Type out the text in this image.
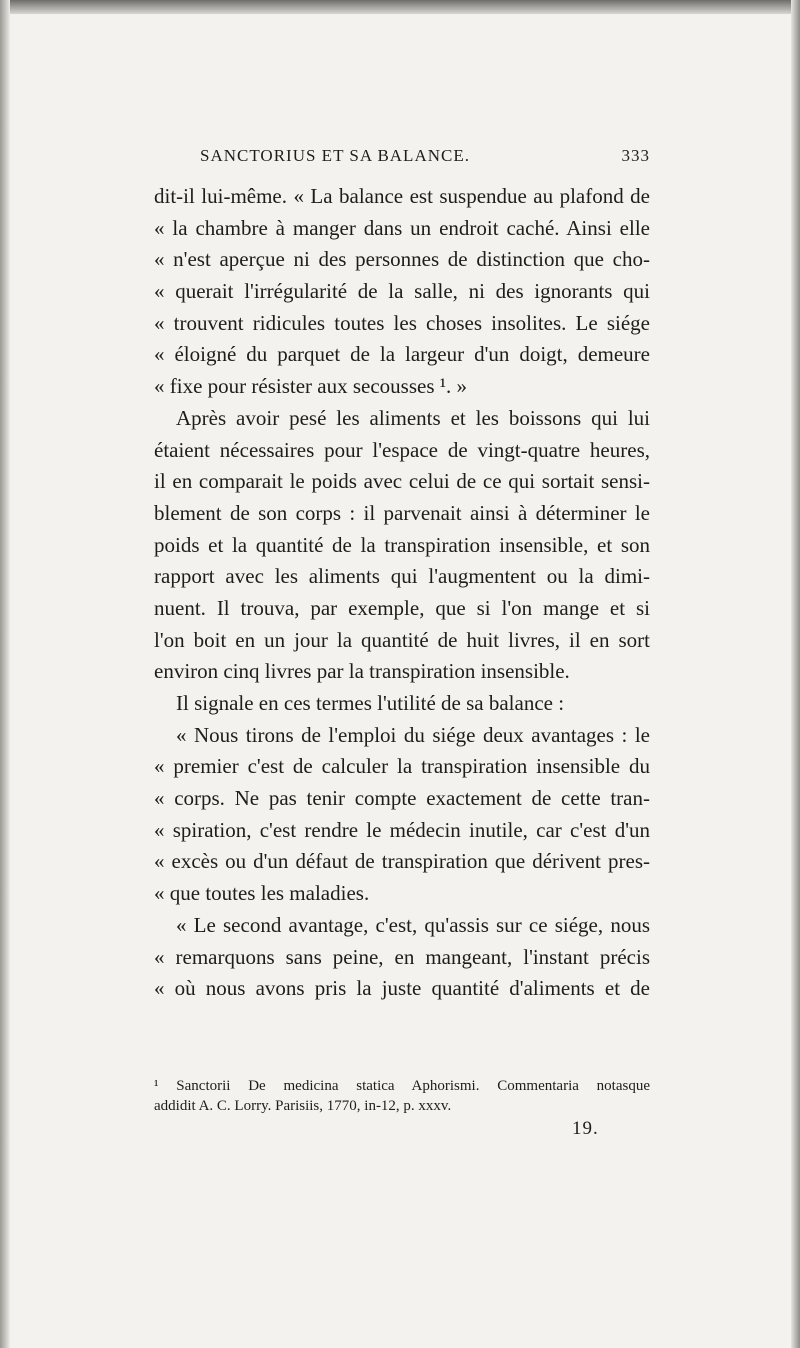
SANCTORIUS ET SA BALANCE.	333
dit-il lui-même. « La balance est suspendue au plafond de
« la chambre à manger dans un endroit caché. Ainsi elle
« n'est aperçue ni des personnes de distinction que cho-
« querait l'irrégularité de la salle, ni des ignorants qui
« trouvent ridicules toutes les choses insolites. Le siége
« éloigné du parquet de la largeur d'un doigt, demeure
« fixe pour résister aux secousses ¹. »
Après avoir pesé les aliments et les boissons qui lui
étaient nécessaires pour l'espace de vingt-quatre heures,
il en comparait le poids avec celui de ce qui sortait sensi-
blement de son corps : il parvenait ainsi à déterminer le
poids et la quantité de la transpiration insensible, et son
rapport avec les aliments qui l'augmentent ou la dimi-
nuent. Il trouva, par exemple, que si l'on mange et si
l'on boit en un jour la quantité de huit livres, il en sort
environ cinq livres par la transpiration insensible.
Il signale en ces termes l'utilité de sa balance :
« Nous tirons de l'emploi du siége deux avantages : le
« premier c'est de calculer la transpiration insensible du
« corps. Ne pas tenir compte exactement de cette tran-
« spiration, c'est rendre le médecin inutile, car c'est d'un
« excès ou d'un défaut de transpiration que dérivent pres-
« que toutes les maladies.
« Le second avantage, c'est, qu'assis sur ce siége, nous
« remarquons sans peine, en mangeant, l'instant précis
« où nous avons pris la juste quantité d'aliments et de
¹ Sanctorii De medicina statica Aphorismi. Commentaria notasque
addidit A. C. Lorry. Parisiis, 1770, in-12, p. xxxv.
19.
